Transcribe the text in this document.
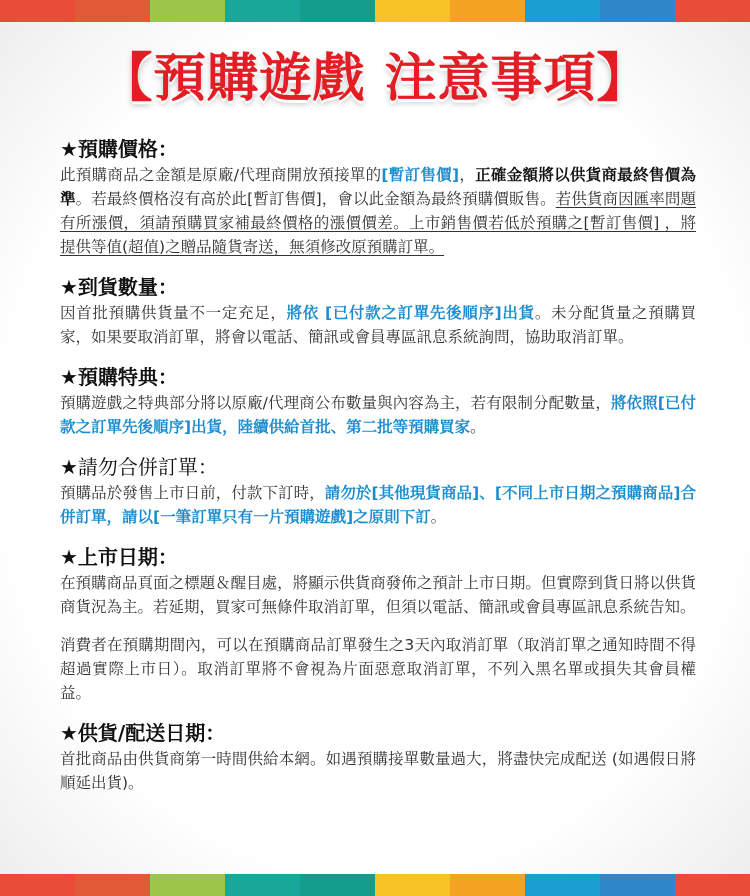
【預購遊戲 注意事項】
★預購價格：
此預購商品之金額是原廠/代理商開放預接單的[暫訂售價]，正確金額將以供貨商最終售價為準。若最終價格沒有高於此[暫訂售價]，會以此金額為最終預購價販售。若供貨商因匯率問題有所漲價，須請預購買家補最終價格的漲價價差。上市銷售價若低於預購之[暫訂售價] ，將提供等值(超值)之贈品隨貨寄送，無須修改原預購訂單。
★到貨數量：
因首批預購供貨量不一定充足，將依 [已付款之訂單先後順序]出貨。未分配貨量之預購買家，如果要取消訂單，將會以電話、簡訊或會員專區訊息系統詢問，協助取消訂單。
★預購特典：
預購遊戲之特典部分將以原廠/代理商公布數量與內容為主，若有限制分配數量，將依照[已付款之訂單先後順序]出貨，陸續供給首批、第二批等預購買家。
★請勿合併訂單：
預購品於發售上市日前，付款下訂時，請勿於[其他現貨商品]、[不同上市日期之預購商品]合併訂單，請以[一筆訂單只有一片預購遊戲]之原則下訂。
★上市日期：
在預購商品頁面之標題＆醒目處，將顯示供貨商發佈之預計上市日期。但實際到貨日將以供貨商貨況為主。若延期，買家可無條件取消訂單，但須以電話、簡訊或會員專區訊息系統告知。
消費者在預購期間內，可以在預購商品訂單發生之3天內取消訂單（取消訂單之通知時間不得超過實際上市日）。取消訂單將不會視為片面惡意取消訂單，不列入黑名單或損失其會員權益。
★供貨/配送日期：
首批商品由供貨商第一時間供給本網。如遇預購接單數量過大，將盡快完成配送 (如遇假日將順延出貨)。
